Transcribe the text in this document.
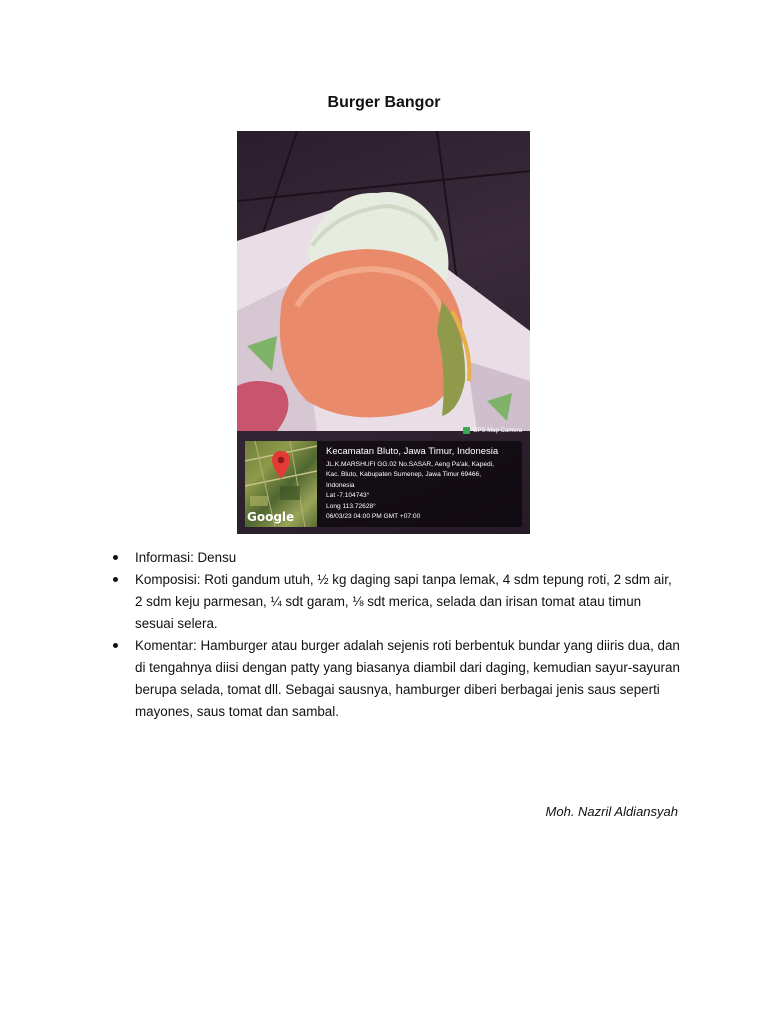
Burger Bangor
GPS Map Camera
Google
Kecamatan Bluto, Jawa Timur, Indonesia
JL.K.MARSHUFI GG.02 No.SASAR, Aeng Pa'ak, Kapedi,
Kac. Bluto, Kabupaten Sumenep, Jawa Timur 69466,
Indonesia
Lat -7.104743°
Long 113.72628°
06/03/23 04:00 PM GMT +07:00
Informasi: Densu
Komposisi: Roti gandum utuh, ½ kg daging sapi tanpa lemak, 4 sdm tepung roti, 2 sdm air, 2 sdm keju parmesan, ¼ sdt garam, ⅛ sdt merica, selada dan irisan tomat atau timun sesuai selera.
Komentar: Hamburger atau burger adalah sejenis roti berbentuk bundar yang diiris dua, dan di tengahnya diisi dengan patty yang biasanya diambil dari daging, kemudian sayur-sayuran berupa selada, tomat dll. Sebagai sausnya, hamburger diberi berbagai jenis saus seperti mayones, saus tomat dan sambal.
Moh. Nazril Aldiansyah
